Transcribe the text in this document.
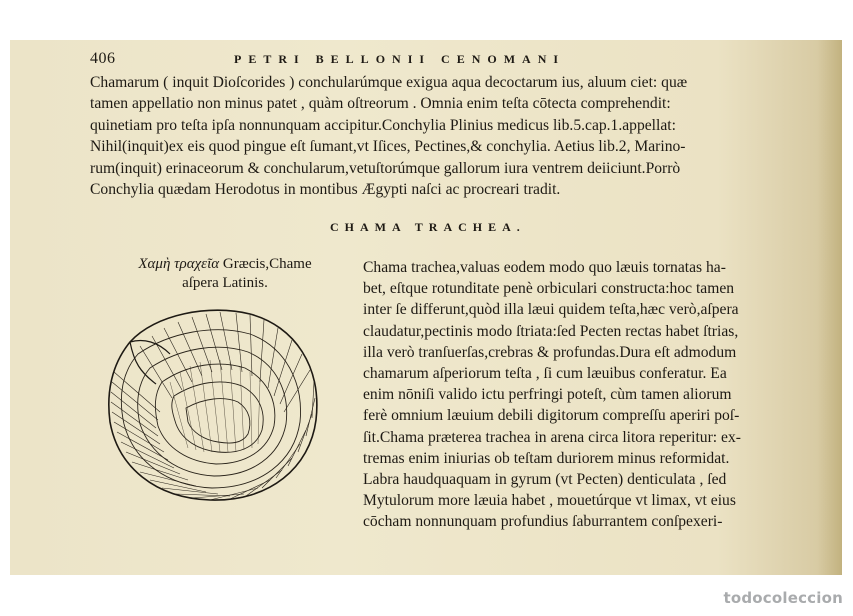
406	PETRI BELLONII CENOMANI
Chamarum ( inquit Dioſcorides ) conchularúmque exigua aqua decoctarum ius, aluum ciet: quæ
tamen appellatio non minus patet , quàm oſtreorum . Omnia enim teſta cōtecta comprehendit:
quinetiam pro teſta ipſa nonnunquam accipitur.Conchylia Plinius medicus lib.5.cap.1.appellat:
Nihil(inquit)ex eis quod pingue eſt ſumant,vt Iſices, Pectines,& conchylia. Aetius lib.2, Marino-
rum(inquit) erinaceorum & conchularum,vetuſtorúmque gallorum iura ventrem deiiciunt.Porrò
Conchylia quædam Herodotus in montibus Ægypti naſci ac procreari tradit.
CHAMA TRACHEA.
Χαμὴ τραχεῖα Græcis,Chame
aſpera Latinis.
Chama trachea,valuas eodem modo quo læuis tornatas ha-
bet, eſtque rotunditate penè orbiculari constructa:hoc tamen
inter ſe differunt,quòd illa læui quidem teſta,hæc verò,aſpera
claudatur,pectinis modo ſtriata:ſed Pecten rectas habet ſtrias,
illa verò tranſuerſas,crebras & profundas.Dura eſt admodum
chamarum aſperiorum teſta , ſi cum læuibus conferatur. Ea
enim nōniſi valido ictu perfringi poteſt, cùm tamen aliorum
ferè omnium læuium debili digitorum compreſſu aperiri poſ-
ſit.Chama præterea trachea in arena circa litora reperitur: ex-
tremas enim iniurias ob teſtam duriorem minus reformidat.
Labra haudquaquam in gyrum (vt Pecten) denticulata , ſed
Mytulorum more læuia habet , mouetúrque vt limax, vt eius
cōcham nonnunquam profundius ſaburrantem conſpexeri-
todocoleccion
